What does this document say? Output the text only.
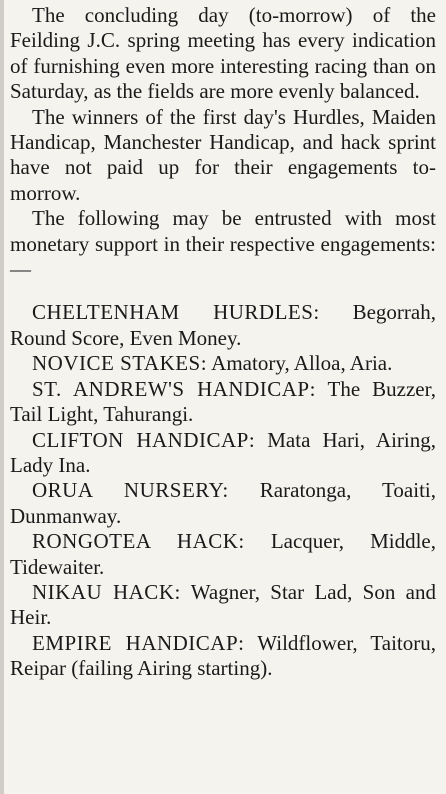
The concluding day (to-morrow) of the Feilding J.C. spring meeting has every indication of furnishing even more interesting racing than on Saturday, as the fields are more evenly balanced.

The winners of the first day's Hurdles, Maiden Handicap, Manchester Handicap, and hack sprint have not paid up for their engagements to-morrow.

The following may be entrusted with most monetary support in their respective engagements:—

CHELTENHAM HURDLES: Begorrah, Round Score, Even Money.

NOVICE STAKES: Amatory, Alloa, Aria.

ST. ANDREW'S HANDICAP: The Buzzer, Tail Light, Tahurangi.

CLIFTON HANDICAP: Mata Hari, Airing, Lady Ina.

ORUA NURSERY: Raratonga, Toaiti, Dunmanway.

RONGOTEA HACK: Lacquer, Middle, Tidewaiter.

NIKAU HACK: Wagner, Star Lad, Son and Heir.

EMPIRE HANDICAP: Wildflower, Taitoru, Reipar (failing Airing starting).
